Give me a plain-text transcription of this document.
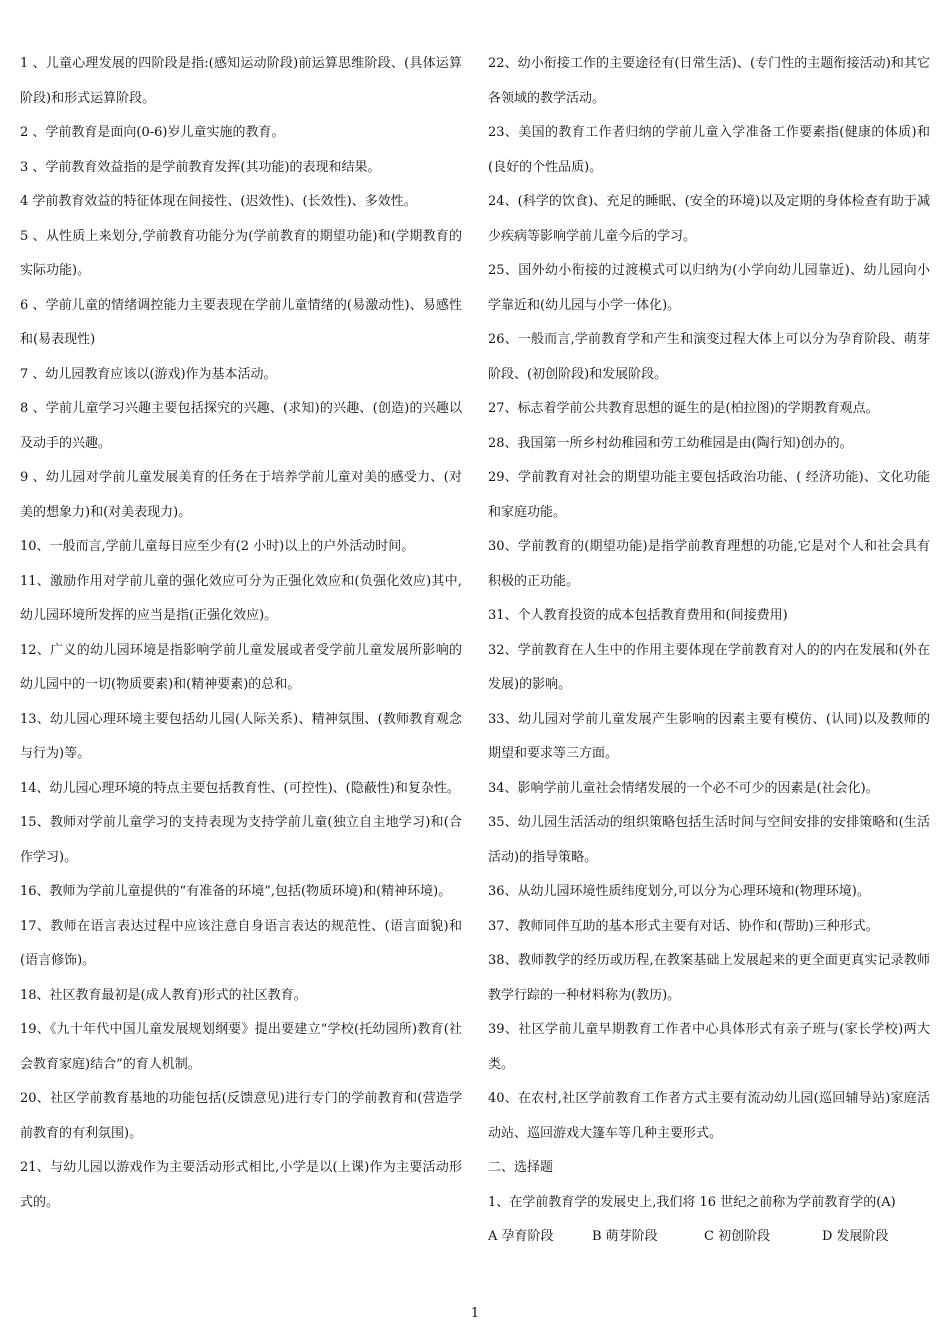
1 、儿童心理发展的四阶段是指:(感知运动阶段)前运算思维阶段、(具体运算阶段)和形式运算阶段。

2 、学前教育是面向(0-6)岁儿童实施的教育。

3 、学前教育效益指的是学前教育发挥(其功能)的表现和结果。

4 学前教育效益的特征体现在间接性、(迟效性)、(长效性)、多效性。

5 、从性质上来划分,学前教育功能分为(学前教育的期望功能)和(学期教育的实际功能)。

6 、学前儿童的情绪调控能力主要表现在学前儿童情绪的(易激动性)、易感性和(易表现性)

7 、幼儿园教育应该以(游戏)作为基本活动。

8 、学前儿童学习兴趣主要包括探究的兴趣、(求知)的兴趣、(创造)的兴趣以及动手的兴趣。

9 、幼儿园对学前儿童发展美育的任务在于培养学前儿童对美的感受力、(对美的想象力)和(对美表现力)。

10、一般而言,学前儿童每日应至少有(2 小时)以上的户外活动时间。

11、激励作用对学前儿童的强化效应可分为正强化效应和(负强化效应)其中,幼儿园环境所发挥的应当是指(正强化效应)。

12、广义的幼儿园环境是指影响学前儿童发展或者受学前儿童发展所影响的幼儿园中的一切(物质要素)和(精神要素)的总和。

13、幼儿园心理环境主要包括幼儿园(人际关系)、精神氛围、(教师教育观念与行为)等。

14、幼儿园心理环境的特点主要包括教育性、(可控性)、(隐蔽性)和复杂性。

15、教师对学前儿童学习的支持表现为支持学前儿童(独立自主地学习)和(合作学习)。

16、教师为学前儿童提供的“有准备的环境”,包括(物质环境)和(精神环境)。

17、教师在语言表达过程中应该注意自身语言表达的规范性、(语言面貌)和(语言修饰)。

18、社区教育最初是(成人教育)形式的社区教育。

19、《九十年代中国儿童发展规划纲要》提出要建立“学校(托幼园所)教育(社会教育家庭)结合”的育人机制。

20、社区学前教育基地的功能包括(反馈意见)进行专门的学前教育和(营造学前教育的有利氛围)。

21、与幼儿园以游戏作为主要活动形式相比,小学是以(上课)作为主要活动形式的。

22、幼小衔接工作的主要途径有(日常生活)、(专门性的主题衔接活动)和其它各领域的教学活动。

23、美国的教育工作者归纳的学前儿童入学准备工作要素指(健康的体质)和(良好的个性品质)。

24、(科学的饮食)、充足的睡眠、(安全的环境)以及定期的身体检查有助于减少疾病等影响学前儿童今后的学习。

25、国外幼小衔接的过渡模式可以归纳为(小学向幼儿园靠近)、幼儿园向小学靠近和(幼儿园与小学一体化)。

26、一般而言,学前教育学和产生和演变过程大体上可以分为孕育阶段、萌芽阶段、(初创阶段)和发展阶段。

27、标志着学前公共教育思想的诞生的是(柏拉图)的学期教育观点。

28、我国第一所乡村幼稚园和劳工幼稚园是由(陶行知)创办的。

29、学前教育对社会的期望功能主要包括政治功能、( 经济功能)、文化功能和家庭功能。

30、学前教育的(期望功能)是指学前教育理想的功能,它是对个人和社会具有积极的正功能。

31、个人教育投资的成本包括教育费用和(间接费用)

32、学前教育在人生中的作用主要体现在学前教育对人的的内在发展和(外在发展)的影响。

33、幼儿园对学前儿童发展产生影响的因素主要有模仿、(认同)以及教师的期望和要求等三方面。

34、影响学前儿童社会情绪发展的一个必不可少的因素是(社会化)。

35、幼儿园生活活动的组织策略包括生活时间与空间安排的安排策略和(生活活动)的指导策略。

36、从幼儿园环境性质纬度划分,可以分为心理环境和(物理环境)。

37、教师同伴互助的基本形式主要有对话、协作和(帮助)三种形式。

38、教师教学的经历或历程,在教案基础上发展起来的更全面更真实记录教师教学行踪的一种材料称为(教历)。

39、社区学前儿童早期教育工作者中心具体形式有亲子班与(家长学校)两大类。

40、在农村,社区学前教育工作者方式主要有流动幼儿园(巡回辅导站)家庭活动站、巡回游戏大篷车等几种主要形式。

二、选择题

1、在学前教育学的发展史上,我们将 16 世纪之前称为学前教育学的(A)

A 孕育阶段	B 萌芽阶段	C 初创阶段	D 发展阶段
1
